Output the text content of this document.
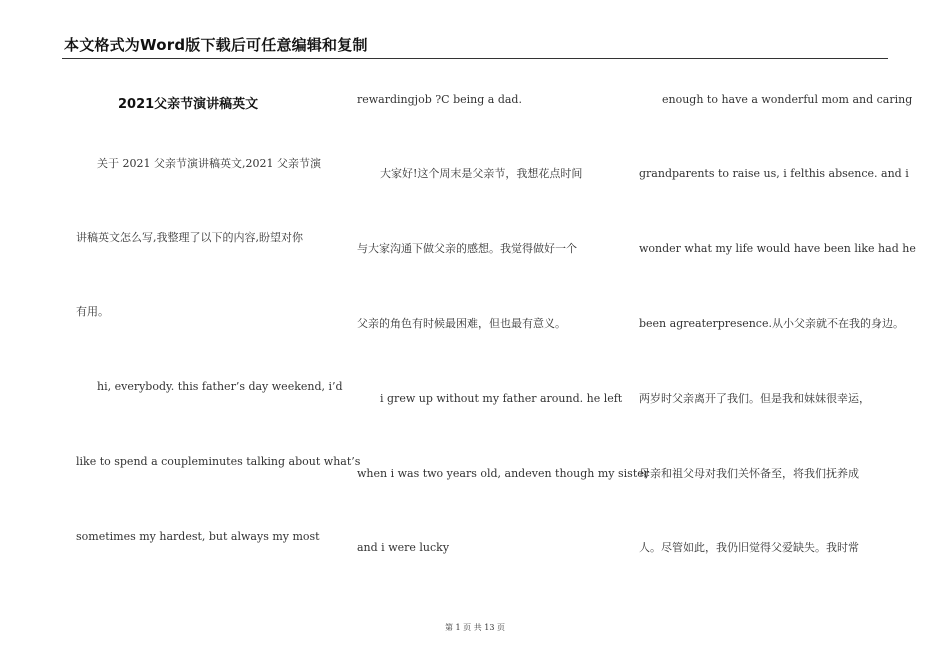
本文格式为Word版下载后可任意编辑和复制
2021父亲节演讲稿英文
关于 2021 父亲节演讲稿英文,2021 父亲节演
讲稿英文怎么写,我整理了以下的内容,盼望对你
有用。
hi, everybody. this father’s day weekend, i’d
like to spend a coupleminutes talking about what’s
sometimes my hardest, but always my most
rewardingjob ?C being a dad.
大家好!这个周末是父亲节，我想花点时间
与大家沟通下做父亲的感想。我觉得做好一个
父亲的角色有时候最困难，但也最有意义。
i grew up without my father around. he left
when i was two years old, andeven though my sister
and i were lucky
enough to have a wonderful mom and caring
grandparents to raise us, i felthis absence. and i
wonder what my life would have been like had he
been agreaterpresence.从小父亲就不在我的身边。
两岁时父亲离开了我们。但是我和妹妹很幸运，
母亲和祖父母对我们关怀备至，将我们抚养成
人。尽管如此，我仍旧觉得父爱缺失。我时常
第 1 页 共 13 页
